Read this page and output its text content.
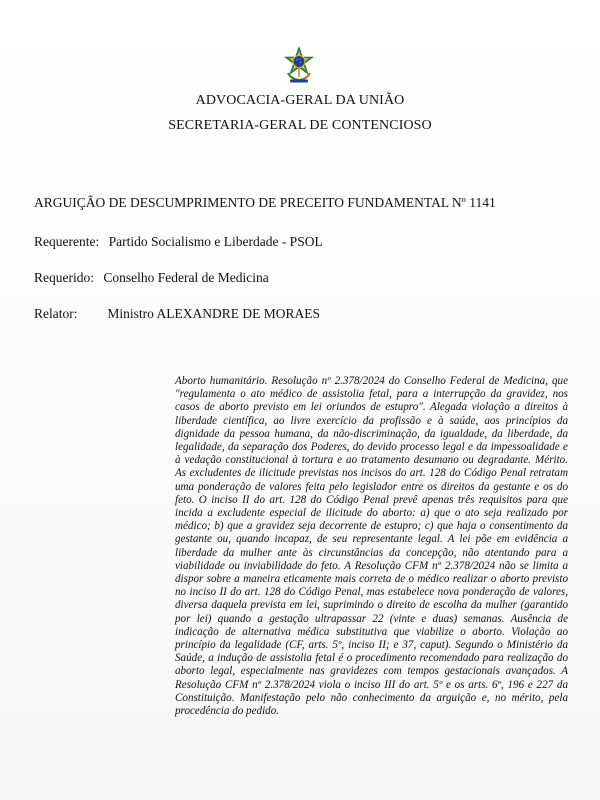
ADVOCACIA-GERAL DA UNIÃO
SECRETARIA-GERAL DE CONTENCIOSO
ARGUIÇÃO DE DESCUMPRIMENTO DE PRECEITO FUNDAMENTAL Nº 1141
Requerente: Partido Socialismo e Liberdade - PSOL
Requerido: Conselho Federal de Medicina
Relator: Ministro ALEXANDRE DE MORAES
Aborto humanitário. Resolução nº 2.378/2024 do Conselho Federal de Medicina, que "regulamenta o ato médico de assistolia fetal, para a interrupção da gravidez, nos casos de aborto previsto em lei oriundos de estupro". Alegada violação a direitos à liberdade científica, ao livre exercício da profissão e à saúde, aos princípios da dignidade da pessoa humana, da não-discriminação, da igualdade, da liberdade, da legalidade, da separação dos Poderes, do devido processo legal e da impessoalidade e à vedação constitucional à tortura e ao tratamento desumano ou degradante. Mérito. As excludentes de ilicitude previstas nos incisos do art. 128 do Código Penal retratam uma ponderação de valores feita pelo legislador entre os direitos da gestante e os do feto. O inciso II do art. 128 do Código Penal prevê apenas três requisitos para que incida a excludente especial de ilicitude do aborto: a) que o ato seja realizado por médico; b) que a gravidez seja decorrente de estupro; c) que haja o consentimento da gestante ou, quando incapaz, de seu representante legal. A lei põe em evidência a liberdade da mulher ante às circunstâncias da concepção, não atentando para a viabilidade ou inviabilidade do feto. A Resolução CFM nº 2.378/2024 não se limita a dispor sobre a maneira eticamente mais correta de o médico realizar o aborto previsto no inciso II do art. 128 do Código Penal, mas estabelece nova ponderação de valores, diversa daquela prevista em lei, suprimindo o direito de escolha da mulher (garantido por lei) quando a gestação ultrapassar 22 (vinte e duas) semanas. Ausência de indicação de alternativa médica substitutiva que viabilize o aborto. Violação ao princípio da legalidade (CF, arts. 5º, inciso II; e 37, caput). Segundo o Ministério da Saúde, a indução de assistolia fetal é o procedimento recomendado para realização do aborto legal, especialmente nas gravidezes com tempos gestacionais avançados. A Resolução CFM nº 2.378/2024 viola o inciso III do art. 5º e os arts. 6º, 196 e 227 da Constituição. Manifestação pelo não conhecimento da arguição e, no mérito, pela procedência do pedido.
